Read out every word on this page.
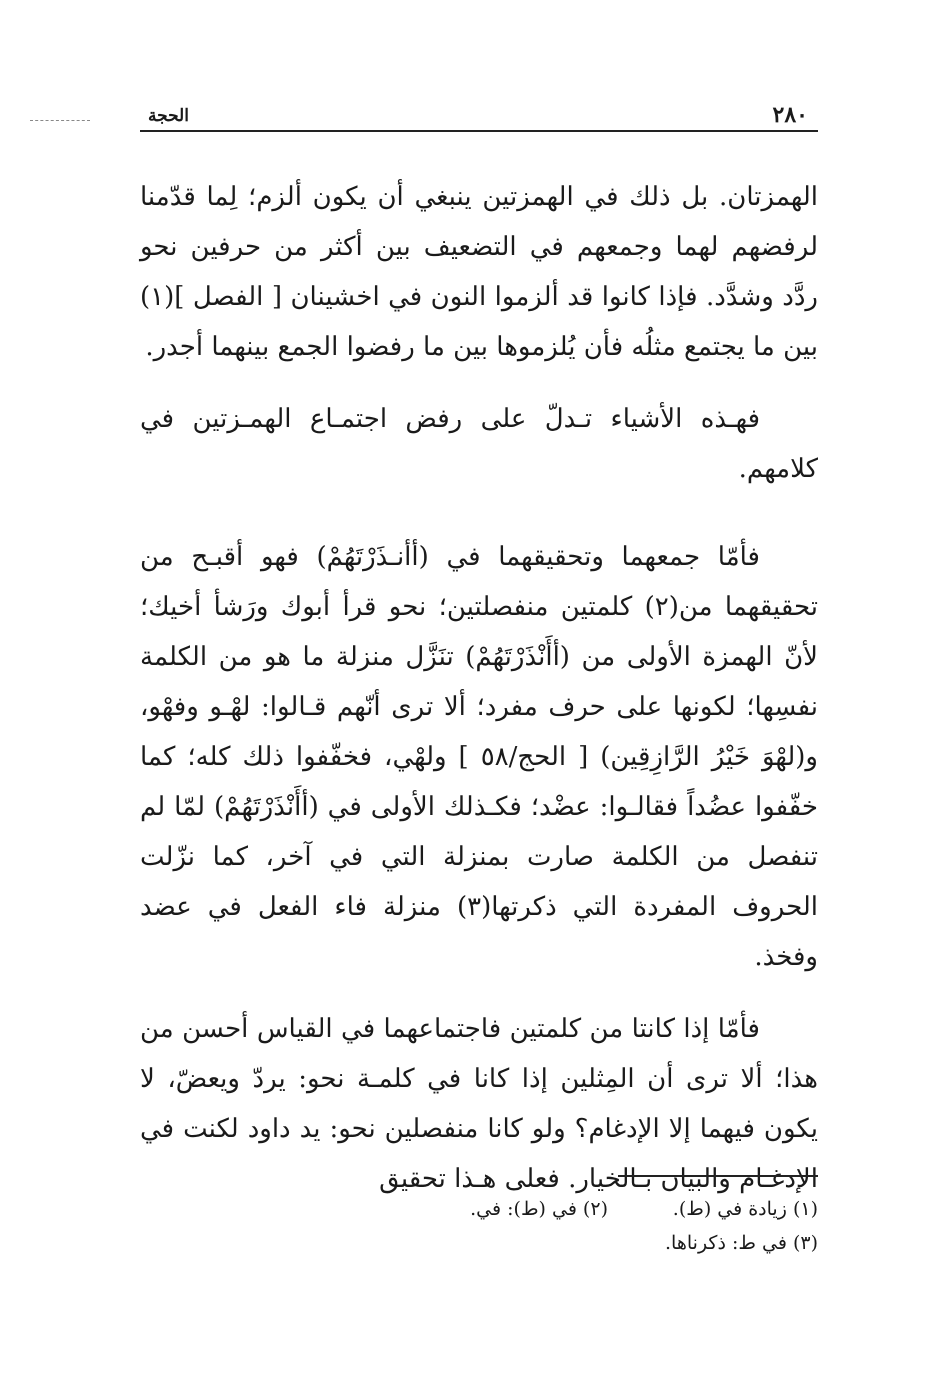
٢٨٠
الحجة

الهمزتان. بل ذلك في الهمزتين ينبغي أن يكون ألزم؛ لِما قدّمنا لرفضهم لهما وجمعهم في التضعيف بين أكثر من حرفين نحو ردَّد وشدَّد. فإذا كانوا قد ألزموا النون في اخشينان [ الفصل ](١) بين ما يجتمع مثلُه فأن يُلزموها بين ما رفضوا الجمع بينهما أجدر.

فهـذه الأشياء تـدلّ على رفض اجتمـاع الهمـزتين في كلامهم.

فأمّا جمعهما وتحقيقهما في (أأنـذَرْتَهُمْ) فهو أقبـح من تحقيقهما من(٢) كلمتين منفصلتين؛ نحو قرأ أبوك ورَشأ أخيك؛ لأنّ الهمزة الأولى من (أأَنْذَرْتَهُمْ) تنَزَّل منزلة ما هو من الكلمة نفسِها؛ لكونها على حرف مفرد؛ ألا ترى أنّهم قـالوا: لهْـو وفهْو، و(لهْوَ خَيْرُ الرَّازِقِين) [ الحج/٥٨ ] ولهْي، فخفّفوا ذلك كله؛ كما خفّفوا عضُداً فقالـوا: عضْد؛ فكـذلك الأولى في (أأَنْذَرْتَهُمْ) لمّا لم تنفصل من الكلمة صارت بمنزلة التي في آخر، كما نزّلت الحروف المفردة التي ذكرتها(٣) منزلة فاء الفعل في عضد وفخذ.

فأمّا إذا كانتا من كلمتين فاجتماعهما في القياس أحسن من هذا؛ ألا ترى أن المِثلين إذا كانا في كلمـة نحو: يردّ ويعضّ، لا يكون فيهما إلا الإدغام؟ ولو كانا منفصلين نحو: يد داود لكنت في الإدغـام والبيان بـالخيار. فعلى هـذا تحقيق

(١) زيادة في (ط).
(٢) في (ط): في.
(٣) في ط: ذكرناها.
